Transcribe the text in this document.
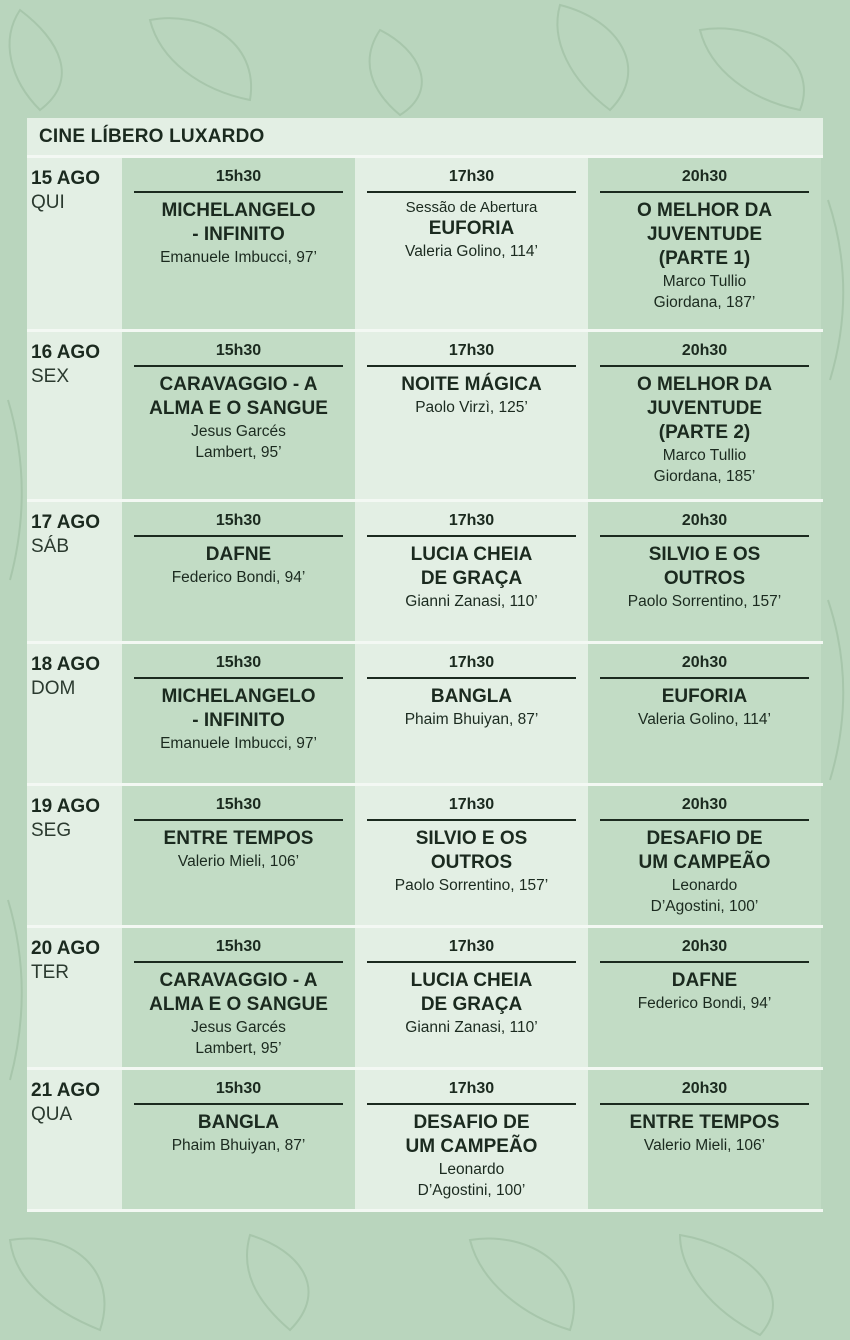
CINE LÍBERO LUXARDO
15 AGO
QUI
15h30
MICHELANGELO
- INFINITO
Emanuele Imbucci, 97’
17h30
Sessão de Abertura
EUFORIA
Valeria Golino, 114’
20h30
O MELHOR DA
JUVENTUDE
(PARTE 1)
Marco Tullio
Giordana, 187’
16 AGO
SEX
15h30
CARAVAGGIO - A
ALMA E O SANGUE
Jesus Garcés
Lambert, 95’
17h30
NOITE MÁGICA
Paolo Virzì, 125’
20h30
O MELHOR DA
JUVENTUDE
(PARTE 2)
Marco Tullio
Giordana, 185’
17 AGO
SÁB
15h30
DAFNE
Federico Bondi, 94’
17h30
LUCIA CHEIA
DE GRAÇA
Gianni Zanasi, 110’
20h30
SILVIO E OS
OUTROS
Paolo Sorrentino, 157’
18 AGO
DOM
15h30
MICHELANGELO
- INFINITO
Emanuele Imbucci, 97’
17h30
BANGLA
Phaim Bhuiyan, 87’
20h30
EUFORIA
Valeria Golino, 114’
19 AGO
SEG
15h30
ENTRE TEMPOS
Valerio Mieli, 106’
17h30
SILVIO E OS
OUTROS
Paolo Sorrentino, 157’
20h30
DESAFIO DE
UM CAMPEÃO
Leonardo
D’Agostini, 100’
20 AGO
TER
15h30
CARAVAGGIO - A
ALMA E O SANGUE
Jesus Garcés
Lambert, 95’
17h30
LUCIA CHEIA
DE GRAÇA
Gianni Zanasi, 110’
20h30
DAFNE
Federico Bondi, 94’
21 AGO
QUA
15h30
BANGLA
Phaim Bhuiyan, 87’
17h30
DESAFIO DE
UM CAMPEÃO
Leonardo
D’Agostini, 100’
20h30
ENTRE TEMPOS
Valerio Mieli, 106’
